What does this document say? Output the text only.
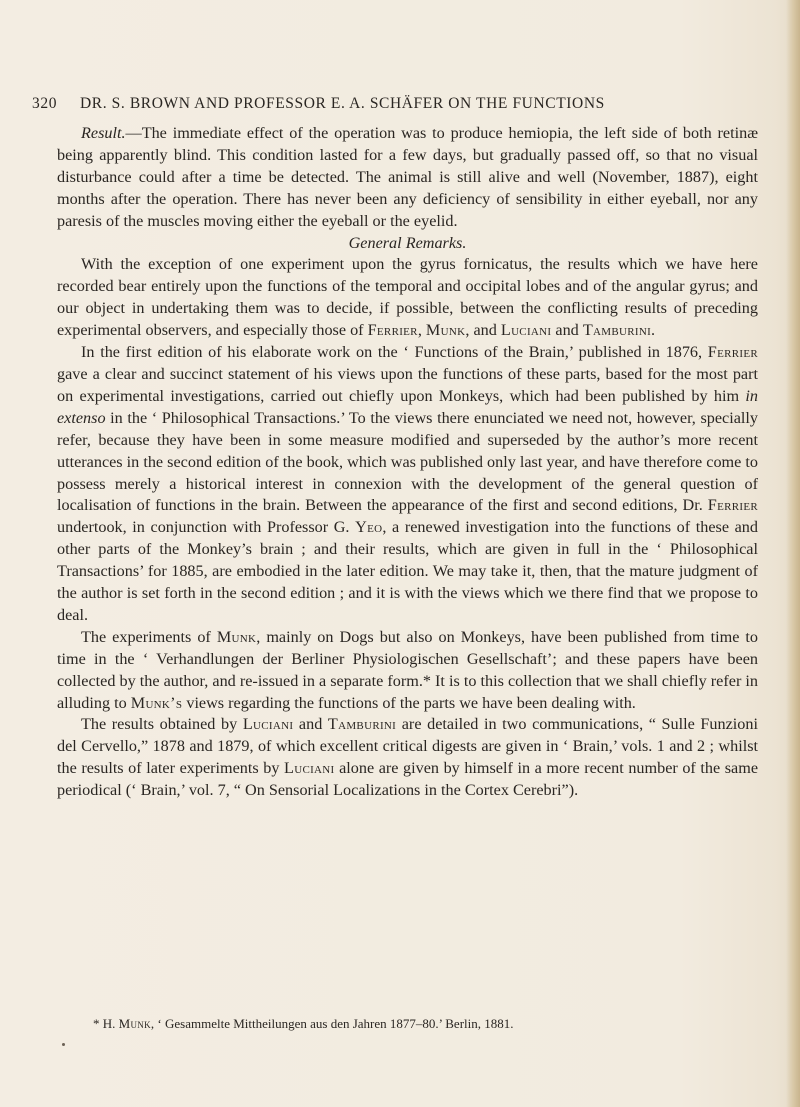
320 DR. S. BROWN AND PROFESSOR E. A. SCHÄFER ON THE FUNCTIONS

Result.—The immediate effect of the operation was to produce hemiopia, the left side of both retinæ being apparently blind. This condition lasted for a few days, but gradually passed off, so that no visual disturbance could after a time be detected. The animal is still alive and well (November, 1887), eight months after the operation. There has never been any deficiency of sensibility in either eyeball, nor any paresis of the muscles moving either the eyeball or the eyelid.

General Remarks.

With the exception of one experiment upon the gyrus fornicatus, the results which we have here recorded bear entirely upon the functions of the temporal and occipital lobes and of the angular gyrus; and our object in undertaking them was to decide, if possible, between the conflicting results of preceding experimental observers, and especially those of Ferrier, Munk, and Luciani and Tamburini.

In the first edition of his elaborate work on the ‘ Functions of the Brain,’ published in 1876, Ferrier gave a clear and succinct statement of his views upon the functions of these parts, based for the most part on experimental investigations, carried out chiefly upon Monkeys, which had been published by him in extenso in the ‘ Philosophical Transactions.’ To the views there enunciated we need not, however, specially refer, because they have been in some measure modified and superseded by the author’s more recent utterances in the second edition of the book, which was published only last year, and have therefore come to possess merely a historical interest in connexion with the development of the general question of localisation of functions in the brain. Between the appearance of the first and second editions, Dr. Ferrier undertook, in conjunction with Professor G. Yeo, a renewed investigation into the functions of these and other parts of the Monkey’s brain ; and their results, which are given in full in the ‘ Philosophical Transactions’ for 1885, are embodied in the later edition. We may take it, then, that the mature judgment of the author is set forth in the second edition ; and it is with the views which we there find that we propose to deal.

The experiments of Munk, mainly on Dogs but also on Monkeys, have been published from time to time in the ‘ Verhandlungen der Berliner Physiologischen Gesellschaft’; and these papers have been collected by the author, and re-issued in a separate form.* It is to this collection that we shall chiefly refer in alluding to Munk’s views regarding the functions of the parts we have been dealing with.

The results obtained by Luciani and Tamburini are detailed in two communications, “ Sulle Funzioni del Cervello,” 1878 and 1879, of which excellent critical digests are given in ‘ Brain,’ vols. 1 and 2 ; whilst the results of later experiments by Luciani alone are given by himself in a more recent number of the same periodical (‘ Brain,’ vol. 7, “ On Sensorial Localizations in the Cortex Cerebri”).

* H. Munk, ‘ Gesammelte Mittheilungen aus den Jahren 1877–80.’ Berlin, 1881.
